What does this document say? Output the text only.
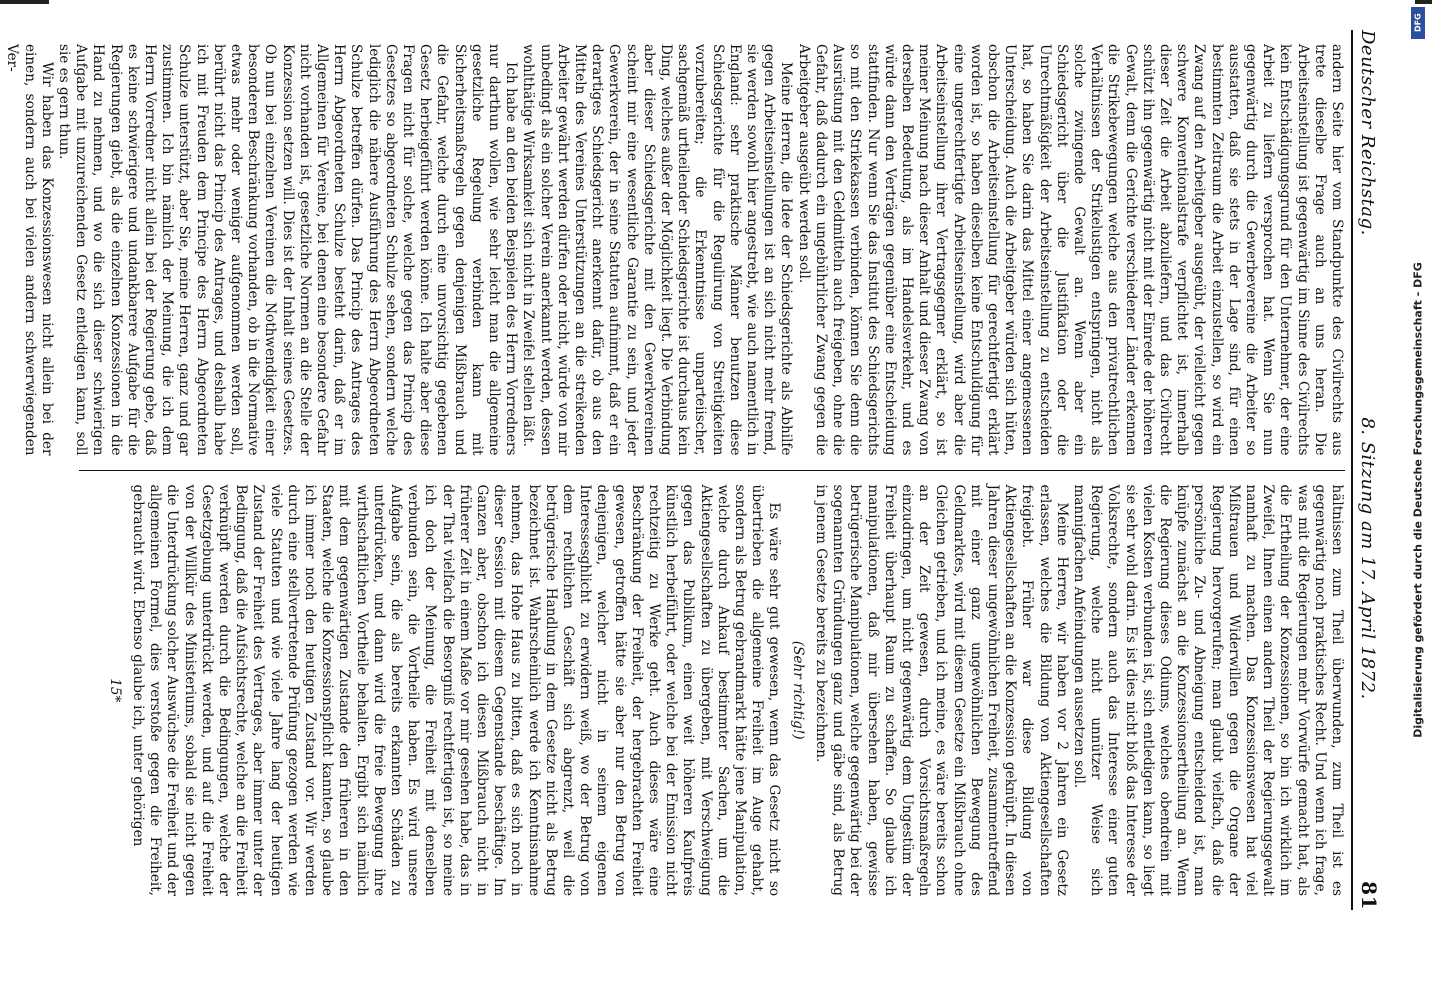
Deutscher Reichstag.
8. Sitzung am 17. April 1872.
81

andern Seite hier vom Standpunkte des Civilrechts aus trete dieselbe Frage auch an uns heran. Die Arbeitseinstellung ist gegenwärtig im Sinne des Civilrechts kein Entschädigungsgrund für den Unternehmer, der eine Arbeit zu liefern versprochen hat. Wenn Sie nun gegenwärtig durch die Gewerbevereine die Arbeiter so ausstatten, daß sie stets in der Lage sind, für einen bestimmten Zeitraum die Arbeit einzustellen, so wird ein Zwang auf den Arbeitgeber ausgeübt, der vielleicht gegen schwere Konventionalstrafe verpflichtet ist, innerhalb dieser Zeit die Arbeit abzuliefern, und das Civilrecht schützt ihn gegenwärtig nicht mit der Einrede der höheren Gewalt, denn die Gerichte verschiedener Länder erkennen die Strikebewegungen welche aus den privatrechtlichen Verhältnissen der Strikelustigen entspringen, nicht als solche zwingende Gewalt an. Wenn aber ein Schiedsgericht über die Justifikation oder die Unrechtmäßigkeit der Arbeitseinstellung zu entscheiden hat, so haben Sie darin das Mittel einer angemessenen Unterscheidung. Auch die Arbeitgeber würden sich hüten, obschon die Arbeitseinstellung für gerechtfertigt erklärt worden ist, so haben dieselben keine Entschuldigung für eine ungerechtfertigte Arbeitseinstellung, wird aber die Arbeitseinstellung ihrer Vertragsgegner erklärt, so ist meiner Meinung nach dieser Anhalt und dieser Zwang von derselben Bedeutung, als im Handelsverkehr, und es würde dann den Verträgen gegenüber eine Entscheidung stattfinden. Nur wenn Sie das Institut des Schiedsgerichts so mit den Strikekassen verbinden, können Sie denn die Ausrüstung mit den Geldmitteln auch freigeben, ohne die Gefahr, daß dadurch ein ungebührlicher Zwang gegen die Arbeitgeber ausgeübt werden soll.

Meine Herren, die Idee der Schiedsgerichte als Abhilfe gegen Arbeitseinstellungen ist an sich nicht mehr fremd, sie werden sowohl hier angestrebt, wie auch namentlich in England: sehr praktische Männer benutzen diese Schiedsgerichte für die Regulirung von Streitigkeiten vorzubereiten; die Erkenntnisse unparteiischer, sachgemäß urtheilender Schiedsgerichte ist durchaus kein Ding, welches außer der Möglichkeit liegt. Die Verbindung aber dieser Schiedsgerichte mit den Gewerkvereinen scheint mir eine wesentliche Garantie zu sein, und jeder Gewerkverein, der in seine Statuten aufnimmt, daß er ein derartiges Schiedsgericht anerkennt dafür, ob aus den Mitteln des Vereines Unterstützungen an die streikenden Arbeiter gewährt werden dürfen oder nicht, würde von mir unbedingt als ein solcher Verein anerkannt werden, dessen wohlthätige Wirksamkeit sich nicht in Zweifel stellen läßt.

Ich habe an den beiden Beispielen des Herrn Vorredners nur darthun wollen, wie sehr leicht man die allgemeine gesetzliche Regelung verbinden kann mit Sicherheitsmaßregeln gegen denjenigen Mißbrauch und die Gefahr, welche durch eine unvorsichtig gegebenen Gesetz herbeigeführt werden könne. Ich halte aber diese Fragen nicht für solche, welche gegen das Princip des Gesetzes so abgeordneten Schulze sehen, sondern welche lediglich die nähere Ausführung des Herrn Abgeordneten Schulze betreffen dürfen. Das Princip des Antrages des Herrn Abgeordneten Schulze besteht darin, daß er im Allgemeinen für Vereine, bei denen eine besondere Gefahr nicht vorhanden ist, gesetzliche Normen an die Stelle der Konzession setzen will. Dies ist der Inhalt seines Gesetzes. Ob nun bei einzelnen Vereinen die Nothwendigkeit einer besonderen Beschränkung vorhanden, ob in die Normative etwas mehr oder weniger aufgenommen werden soll, berührt nicht das Princip des Antrages, und deshalb habe ich mit Freuden dem Principe des Herrn Abgeordneten Schulze unterstützt, aber Sie, meine Herren, ganz und gar zustimmen. Ich bin nämlich der Meinung, die ich dem Herrn Vorredner nicht allein bei der Regierung gebe, daß es keine schwierigere und undankbarere Aufgabe für die Regierungen giebt, als die einzelnen Konzessionen in die Hand zu nehmen, und wo die sich dieser schwierigen Aufgabe mit unzureichenden Gesetz entledigen kann, soll sie es gern thun.

Wir haben das Konzessionswesen nicht allein bei der einen, sondern auch bei vielen andern schwerwiegenden Ver-

hältnissen zum Theil überwunden, zum Theil ist es gegenwärtig noch praktisches Recht. Und wenn ich frage, was mit die Regierungen mehr Vorwürfe gemacht hat, als die Ertheilung der Konzessionen, so bin ich wirklich im Zweifel, Ihnen einen andern Theil der Regierungsgewalt namhaft zu machen. Das Konzessionswesen hat viel Mißtrauen und Widerwillen gegen die Organe der Regierung hervorgerufen; man glaubt vielfach, daß die persönliche Zu- und Abneigung entscheidend ist, man knüpfe zunächst an die Konzessionsertheilung an. Wenn die Regierung dieses Odiums, welches obendrein mit vielen Kosten verbunden ist, sich entledigen kann, so liegt sie sehr wohl darin. Es ist dies nicht bloß das Interesse der Volksrechte, sondern auch das Interesse einer guten Regierung, welche nicht unnützer Weise sich mannigfachen Anfeindungen aussetzen soll.

Meine Herren, wir haben vor 2 Jahren ein Gesetz erlassen, welches die Bildung von Aktiengesellschaften freigiebt. Früher war diese Bildung von Aktiengesellschaften an die Konzession geknüpft. In diesen Jahren dieser ungewöhnlichen Freiheit, zusammentreffend mit einer ganz ungewöhnlichen Bewegung des Geldmarktes, wird mit diesem Gesetze ein Mißbrauch ohne Gleichen getrieben, und ich meine, es wäre bereits schon an der Zeit gewesen, durch Vorsichtsmaßregeln einzudringen, um nicht gegenwärtig dem Ungestüm der Freiheit überhaupt Raum zu schaffen. So glaube ich manipulationen, daß mir übersehen haben, gewisse betrügerische Manipulationen, welche gegenwärtig bei der sogenannten Gründungen ganz und gäbe sind, als Betrug in jenem Gesetze bereits zu bezeichnen.

(Sehr richtig!)

Es wäre sehr gut gewesen, wenn das Gesetz nicht so übertrieben die allgemeine Freiheit im Auge gehabt, sondern als Betrug gebrandmarkt hätte jene Manipulation, welche durch Ankauf bestimmter Sachen, um die Aktiengesellschaften zu übergeben, mit Verschweigung gegen das Publikum, einen weit höheren Kaufpreis künstlich herbeiführt, oder welche bei der Emission nicht rechtzeitig zu Werke geht. Auch dieses wäre eine Beschränkung der Freiheit, der hergebrachten Freiheit gewesen, getroffen hätte sie aber nur den Betrug von denjenigen, welcher nicht in seinem eigenen Interessesghlicht zu erwidern weiß, wo der Betrug von dem rechtlichen Geschäft sich abgrenzt, weil die betrügerische Handlung in dem Gesetze nicht als Betrug bezeichnet ist. Wahrscheinlich werde ich Kenntnisnahme nehmen, das Hohe Haus zu bitten, daß es sich noch in dieser Session mit diesem Gegenstande beschäftige. Im Ganzen aber, obschon ich diesen Mißbrauch nicht in früherer Zeit in einem Maße vor mir gesehen habe, das in der That vielfach die Besorgniß rechtfertigen ist, so meine ich doch der Meinung, die Freiheit mit denselben verbunden sein, die Vortheile haben. Es wird unsere Aufgabe sein, die als bereits erkannten Schäden zu unterdrücken, und dann wird die freie Bewegung ihre wirthschaftlichen Vortheile behalten. Ergibt sich nämlich mit dem gegenwärtigen Zustande den früheren in den Staaten, welche die Konzessionspflicht kannten, so glaube ich immer noch den heutigen Zustand vor. Wir werden durch eine stellvertretende Prüfung gezogen werden wie viele Statuten und wie viele Jahre lang der heutigen Zustand der Freiheit des Vertrages, aber immer unter der Bedingung, daß die Aufsichtsrechte, welche an die Freiheit verknüpft werden durch die Bedingungen, welche der Gesetzgebung unterdrückt werden, und auf die Freiheit von der Willkür des Ministeriums, sobald sie nicht gegen die Unterdrückung solcher Auswüchse die Freiheit und der allgemeinen Formel, dies verstoße gegen die Freiheit, gebraucht wird. Ebenso glaube ich, unter gehörigen

15*
DFG
Digitalisierung gefördert durch die Deutsche Forschungsgemeinschaft - DFG
